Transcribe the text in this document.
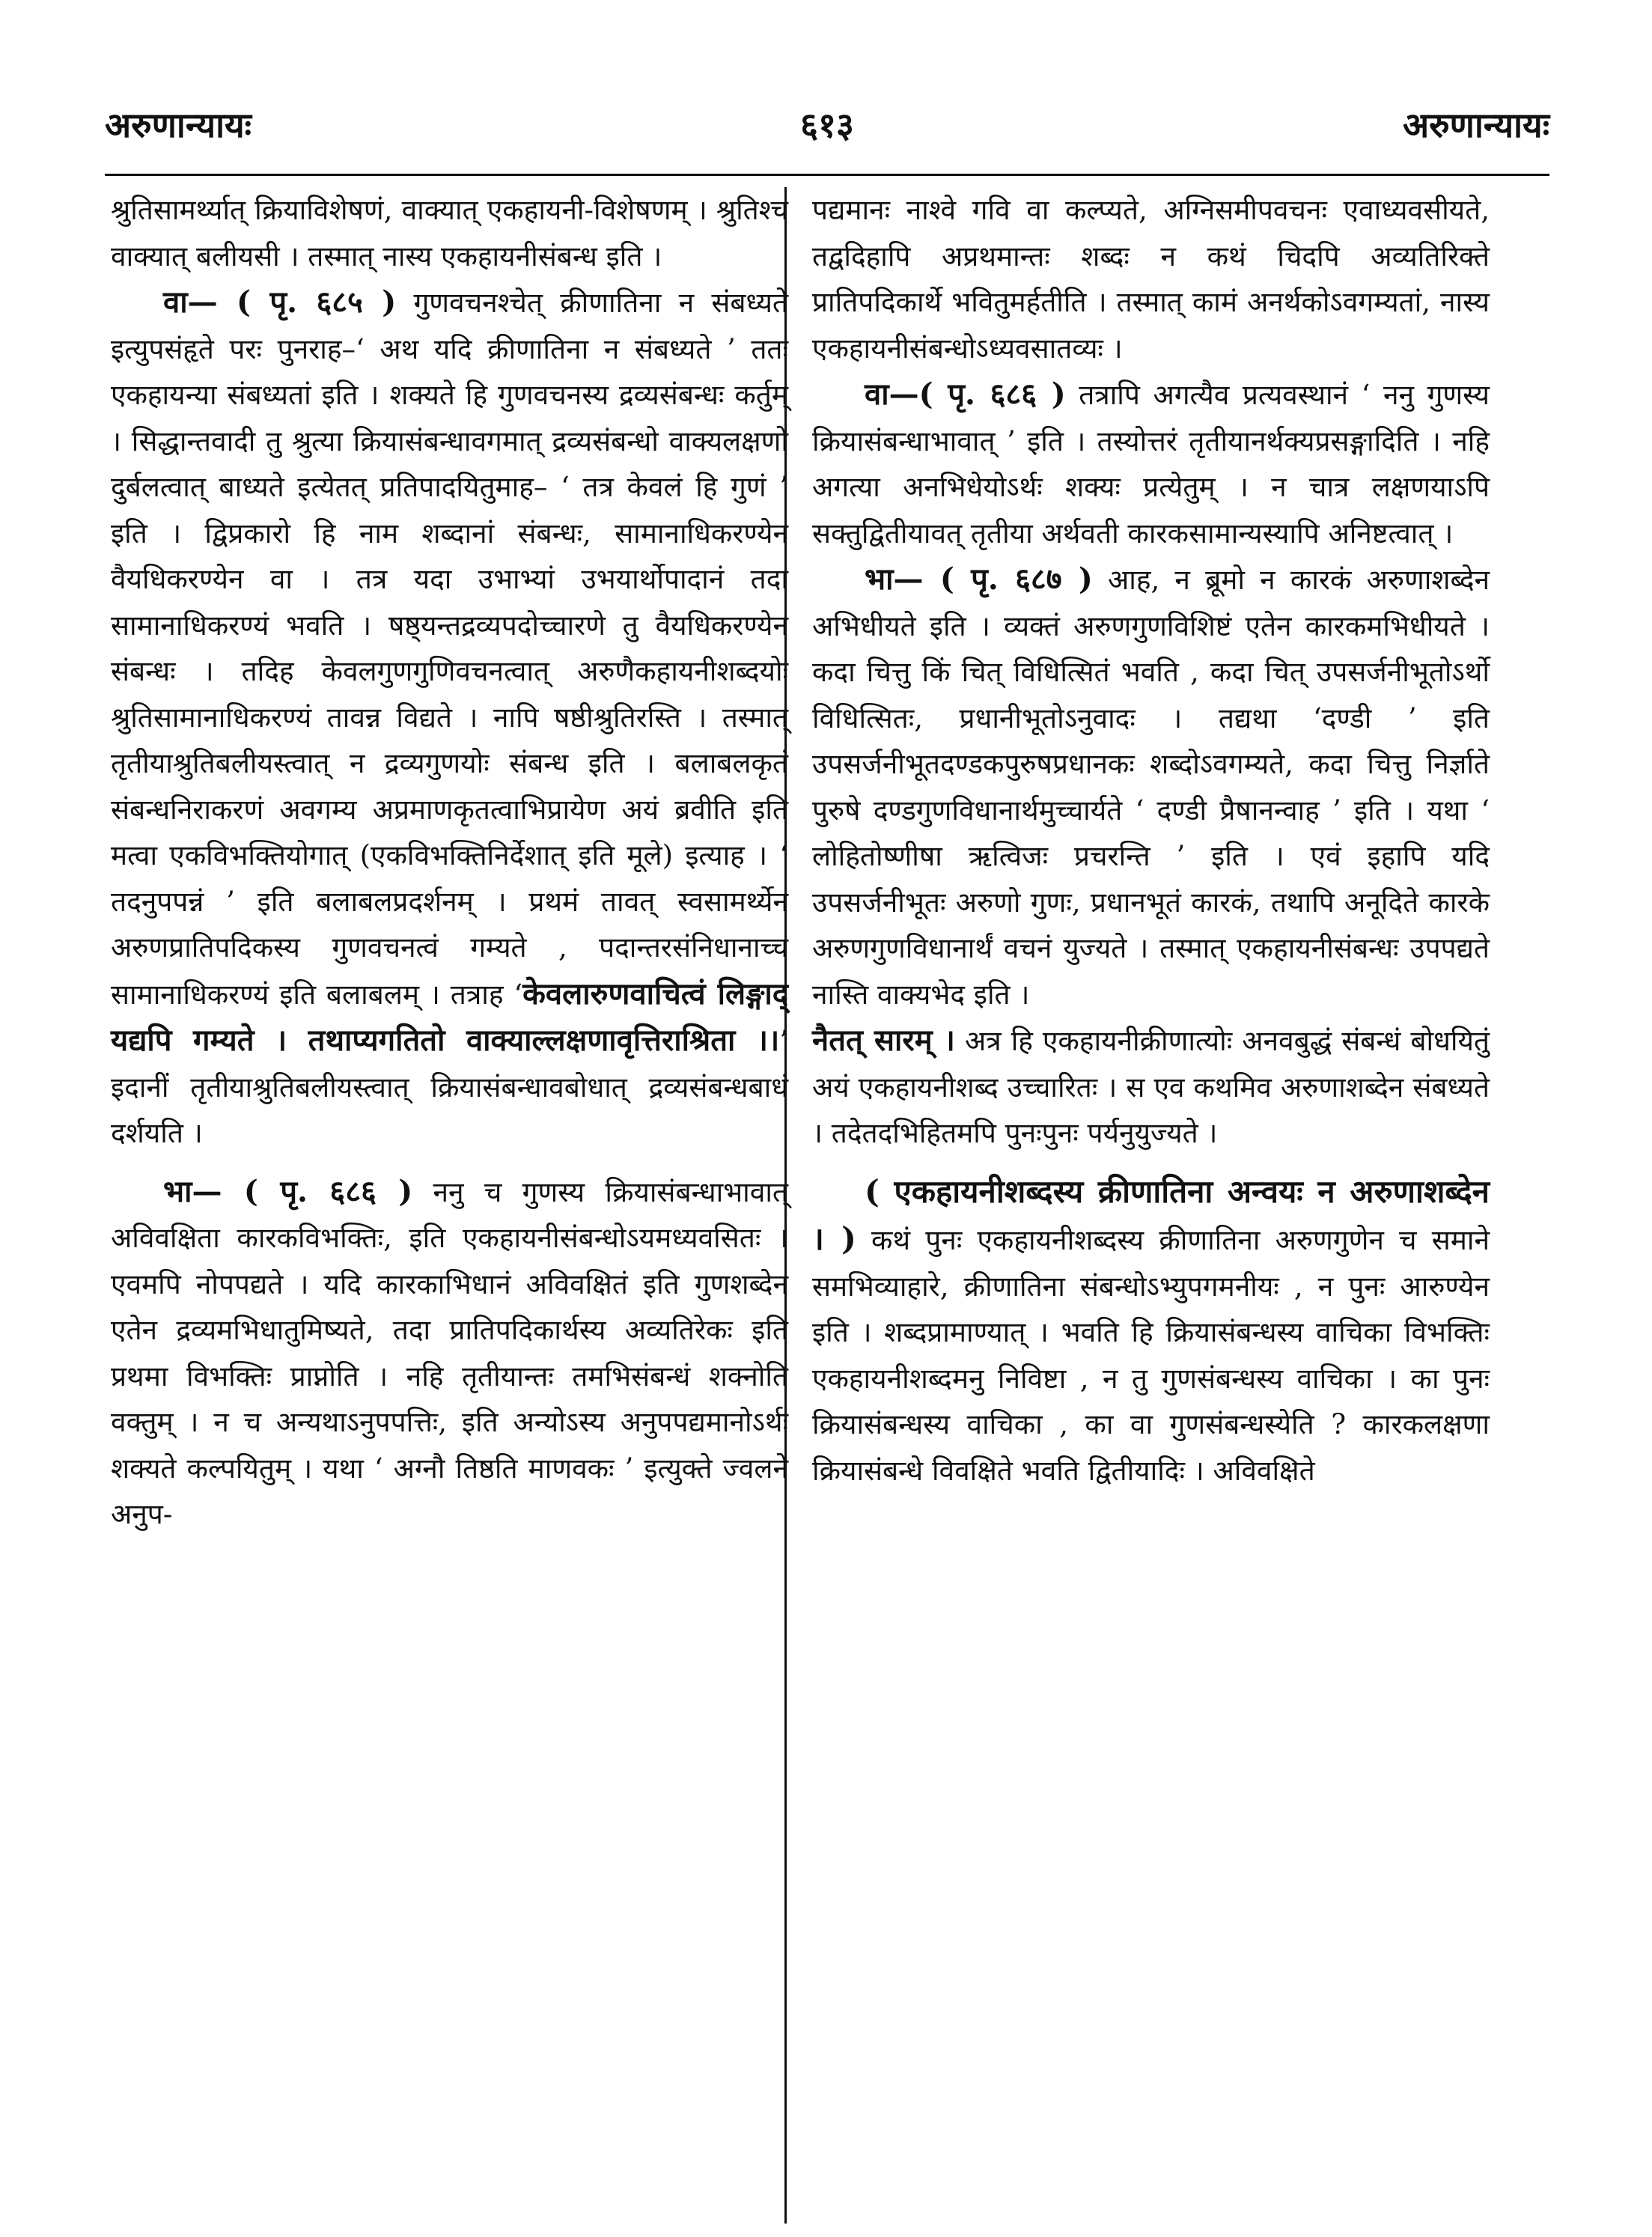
६१३
अरुणान्यायः	अरुणान्यायः

श्रुतिसामर्थ्यात् क्रियाविशेषणं, वाक्यात् एकहायनी-विशेषणम् । श्रुतिश्च वाक्यात् बलीयसी । तस्मात् नास्य एकहायनीसंबन्ध इति ।

वा— ( पृ. ६८५ ) गुणवचनश्चेत् क्रीणातिना न संबध्यते इत्युपसंहृते परः पुनराह–‘ अथ यदि क्रीणातिना न संबध्यते ’ ततः एकहायन्या संबध्यतां इति । शक्यते हि गुणवचनस्य द्रव्यसंबन्धः कर्तुम् । सिद्धान्तवादी तु श्रुत्या क्रियासंबन्धावगमात् द्रव्यसंबन्धो वाक्यलक्षणो दुर्बलत्वात् बाध्यते इत्येतत् प्रतिपादयितुमाह– ‘ तत्र केवलं हि गुणं ’ इति । द्विप्रकारो हि नाम शब्दानां संबन्धः, सामानाधिकरण्येन वैयधिकरण्येन वा । तत्र यदा उभाभ्यां उभयार्थोपादानं तदा सामानाधिकरण्यं भवति । षष्ठ्यन्तद्रव्यपदोच्चारणे तु वैयधिकरण्येन संबन्धः । तदिह केवलगुणगुणिवचनत्वात् अरुणैकहायनीशब्दयोः श्रुतिसामानाधिकरण्यं तावन्न विद्यते । नापि षष्ठीश्रुतिरस्ति । तस्मात् तृतीयाश्रुतिबलीयस्त्वात् न द्रव्यगुणयोः संबन्ध इति । बलाबलकृतं संबन्धनिराकरणं अवगम्य अप्रमाणकृतत्वाभिप्रायेण अयं ब्रवीति इति मत्वा एकविभक्तियोगात् (एकविभक्तिनिर्देशात् इति मूले) इत्याह । ‘ तदनुपपन्नं ’ इति बलाबलप्रदर्शनम् । प्रथमं तावत् स्वसामर्थ्येन अरुणप्रातिपदिकस्य गुणवचनत्वं गम्यते , पदान्तरसंनिधानाच्च सामानाधिकरण्यं इति बलाबलम् । तत्राह ‘केवलारुणवाचित्वं लिङ्गाद् यद्यपि गम्यते । तथाप्यगतितो वाक्याल्लक्षणावृत्तिराश्रिता ।।’ इदानीं तृतीयाश्रुतिबलीयस्त्वात् क्रियासंबन्धावबोधात् द्रव्यसंबन्धबाधं दर्शयति ।

भा— ( पृ. ६८६ ) ननु च गुणस्य क्रियासंबन्धाभावात् अविवक्षिता कारकविभक्तिः, इति एकहायनीसंबन्धोऽयमध्यवसितः । एवमपि नोपपद्यते । यदि कारकाभिधानं अविवक्षितं इति गुणशब्देन एतेन द्रव्यमभिधातुमिष्यते, तदा प्रातिपदिकार्थस्य अव्यतिरेकः इति प्रथमा विभक्तिः प्राप्नोति । नहि तृतीयान्तः तमभिसंबन्धं शक्नोति वक्तुम् । न च अन्यथाऽनुपपत्तिः, इति अन्योऽस्य अनुपपद्यमानोऽर्थः शक्यते कल्पयितुम् । यथा ‘ अग्नौ तिष्ठति माणवकः ’ इत्युक्ते ज्वलने अनुप-

पद्यमानः नाश्वे गवि वा कल्प्यते, अग्निसमीपवचनः एवाध्यवसीयते, तद्वदिहापि अप्रथमान्तः शब्दः न कथं चिदपि अव्यतिरिक्ते प्रातिपदिकार्थे भवितुमर्हतीति । तस्मात् कामं अनर्थकोऽवगम्यतां, नास्य एकहायनीसंबन्धोऽध्यवसातव्यः ।

वा—( पृ. ६८६ ) तत्रापि अगत्यैव प्रत्यवस्थानं ‘ ननु गुणस्य क्रियासंबन्धाभावात् ’ इति । तस्योत्तरं तृतीयानर्थक्यप्रसङ्गादिति । नहि अगत्या अनभिधेयोऽर्थः शक्यः प्रत्येतुम् । न चात्र लक्षणयाऽपि सक्तुद्वितीयावत् तृतीया अर्थवती कारकसामान्यस्यापि अनिष्टत्वात् ।

भा— ( पृ. ६८७ ) आह, न ब्रूमो न कारकं अरुणाशब्देन अभिधीयते इति । व्यक्तं अरुणगुणविशिष्टं एतेन कारकमभिधीयते । कदा चित्तु किं चित् विधित्सितं भवति , कदा चित् उपसर्जनीभूतोऽर्थो विधित्सितः, प्रधानीभूतोऽनुवादः । तद्यथा ‘दण्डी ’ इति उपसर्जनीभूतदण्डकपुरुषप्रधानकः शब्दोऽवगम्यते, कदा चित्तु निर्ज्ञाते पुरुषे दण्डगुणविधानार्थमुच्चार्यते ‘ दण्डी प्रैषानन्वाह ’ इति । यथा ‘ लोहितोष्णीषा ऋत्विजः प्रचरन्ति ’ इति । एवं इहापि यदि उपसर्जनीभूतः अरुणो गुणः, प्रधानभूतं कारकं, तथापि अनूदिते कारके अरुणगुणविधानार्थं वचनं युज्यते । तस्मात् एकहायनीसंबन्धः उपपद्यते नास्ति वाक्यभेद इति ।
नैतत् सारम् । अत्र हि एकहायनीक्रीणात्योः अनवबुद्धं संबन्धं बोधयितुं अयं एकहायनीशब्द उच्चारितः । स एव कथमिव अरुणाशब्देन संबध्यते । तदेतदभिहितमपि पुनःपुनः पर्यनुयुज्यते ।

( एकहायनीशब्दस्य क्रीणातिना अन्वयः न अरुणाशब्देन । ) कथं पुनः एकहायनीशब्दस्य क्रीणातिना अरुणगुणेन च समाने समभिव्याहारे, क्रीणातिना संबन्धोऽभ्युपगमनीयः , न पुनः आरुण्येन इति । शब्दप्रामाण्यात् । भवति हि क्रियासंबन्धस्य वाचिका विभक्तिः एकहायनीशब्दमनु निविष्टा , न तु गुणसंबन्धस्य वाचिका । का पुनः क्रियासंबन्धस्य वाचिका , का वा गुणसंबन्धस्येति ? कारकलक्षणा क्रियासंबन्धे विवक्षिते भवति द्वितीयादिः । अविवक्षिते
